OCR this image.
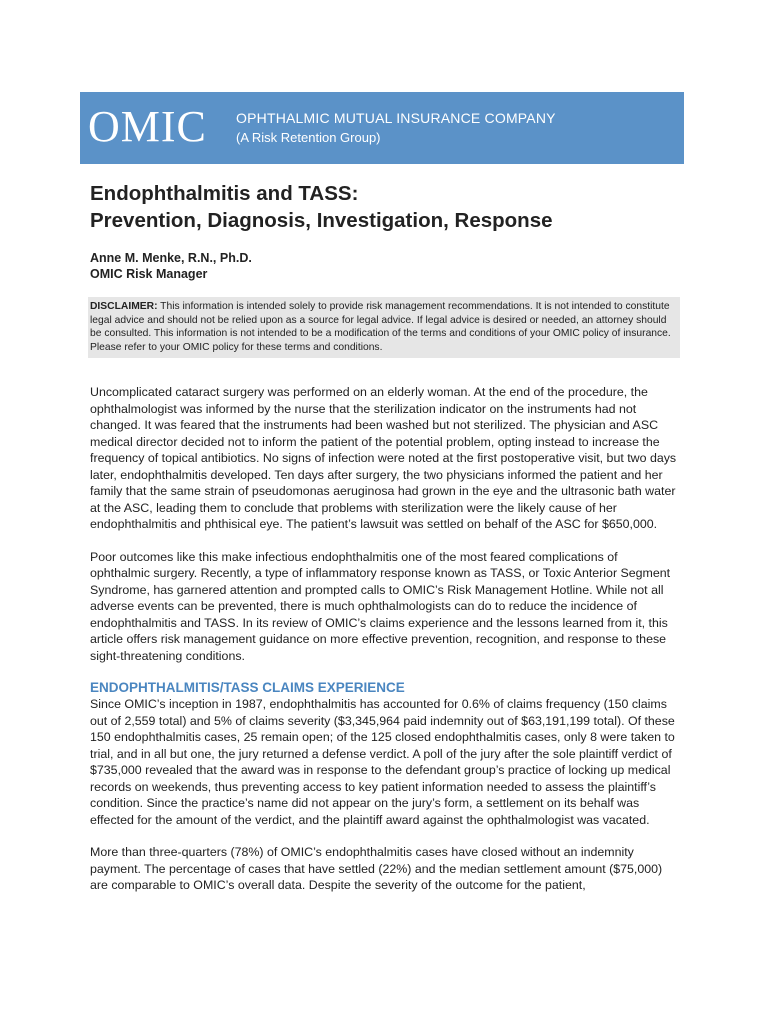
OMIC OPHTHALMIC MUTUAL INSURANCE COMPANY
(A Risk Retention Group)
Endophthalmitis and TASS:
Prevention, Diagnosis, Investigation, Response
Anne M. Menke, R.N., Ph.D.
OMIC Risk Manager
DISCLAIMER: This information is intended solely to provide risk management recommendations. It is not intended to constitute legal advice and should not be relied upon as a source for legal advice. If legal advice is desired or needed, an attorney should be consulted. This information is not intended to be a modification of the terms and conditions of your OMIC policy of insurance. Please refer to your OMIC policy for these terms and conditions.

Uncomplicated cataract surgery was performed on an elderly woman. At the end of the procedure, the ophthalmologist was informed by the nurse that the sterilization indicator on the instruments had not changed. It was feared that the instruments had been washed but not sterilized. The physician and ASC medical director decided not to inform the patient of the potential problem, opting instead to increase the frequency of topical antibiotics. No signs of infection were noted at the first postoperative visit, but two days later, endophthalmitis developed. Ten days after surgery, the two physicians informed the patient and her family that the same strain of pseudomonas aeruginosa had grown in the eye and the ultrasonic bath water at the ASC, leading them to conclude that problems with sterilization were the likely cause of her endophthalmitis and phthisical eye. The patient’s lawsuit was settled on behalf of the ASC for $650,000.

Poor outcomes like this make infectious endophthalmitis one of the most feared complications of ophthalmic surgery. Recently, a type of inflammatory response known as TASS, or Toxic Anterior Segment Syndrome, has garnered attention and prompted calls to OMIC’s Risk Management Hotline. While not all adverse events can be prevented, there is much ophthalmologists can do to reduce the incidence of endophthalmitis and TASS. In its review of OMIC’s claims experience and the lessons learned from it, this article offers risk management guidance on more effective prevention, recognition, and response to these sight-threatening conditions.

ENDOPHTHALMITIS/TASS CLAIMS EXPERIENCE

Since OMIC’s inception in 1987, endophthalmitis has accounted for 0.6% of claims frequency (150 claims out of 2,559 total) and 5% of claims severity ($3,345,964 paid indemnity out of $63,191,199 total). Of these 150 endophthalmitis cases, 25 remain open; of the 125 closed endophthalmitis cases, only 8 were taken to trial, and in all but one, the jury returned a defense verdict. A poll of the jury after the sole plaintiff verdict of $735,000 revealed that the award was in response to the defendant group’s practice of locking up medical records on weekends, thus preventing access to key patient information needed to assess the plaintiff’s condition. Since the practice’s name did not appear on the jury’s form, a settlement on its behalf was effected for the amount of the verdict, and the plaintiff award against the ophthalmologist was vacated.

More than three-quarters (78%) of OMIC’s endophthalmitis cases have closed without an indemnity payment. The percentage of cases that have settled (22%) and the median settlement amount ($75,000) are comparable to OMIC’s overall data. Despite the severity of the outcome for the patient,
